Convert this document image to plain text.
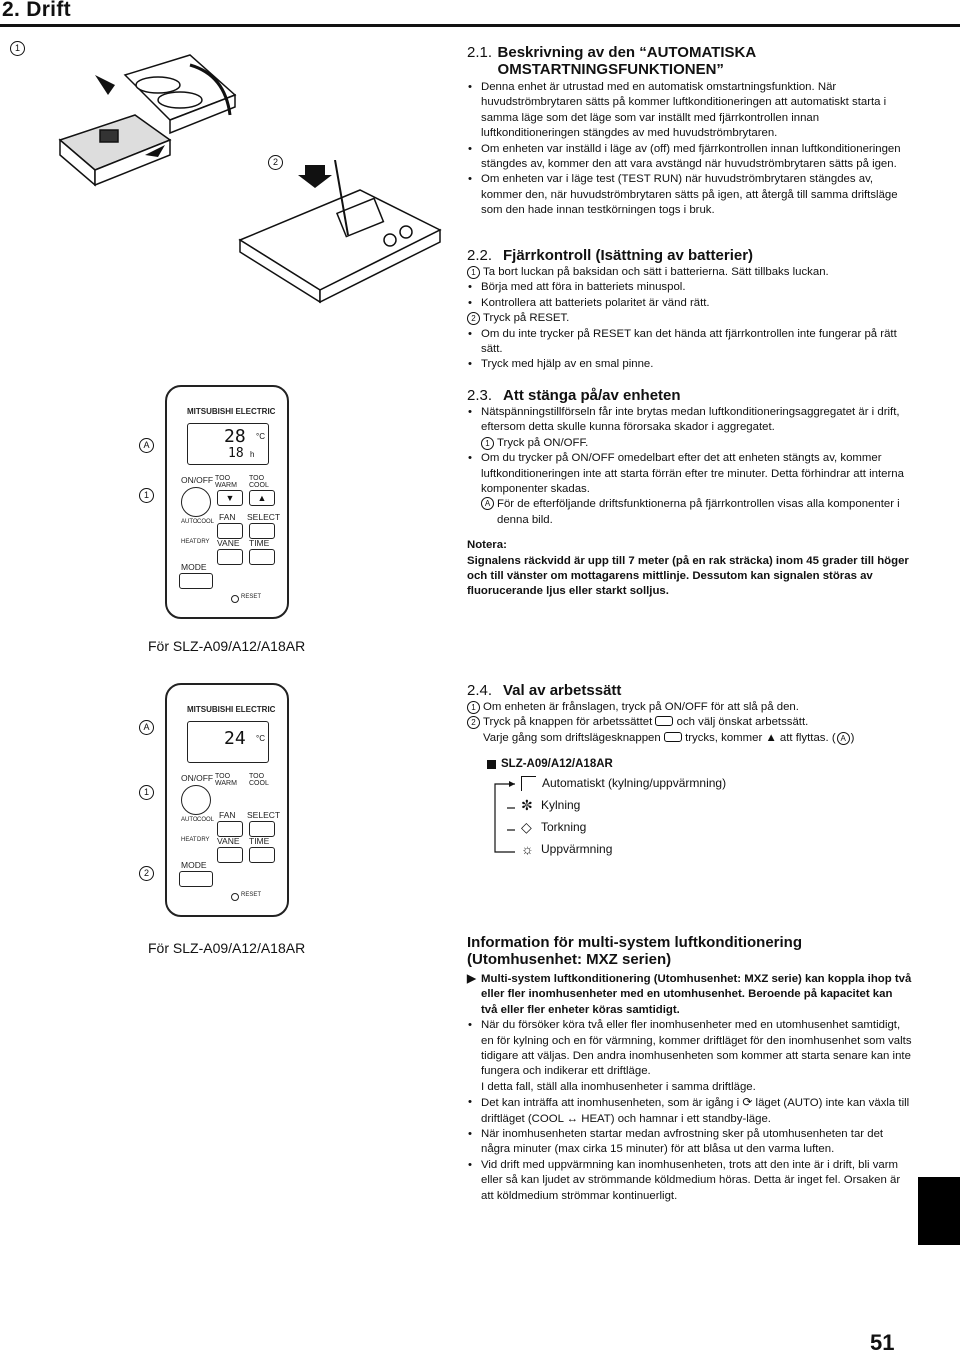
2. Drift
1
2
A
1
MITSUBISHI ELECTRIC
28 °C
18 h
ON/OFF TOO WARM
TOO COOL
▼	▲
FAN SELECT
AUTO COOL
HEAT DRY VANE TIME
MODE
RESET
För SLZ-A09/A12/A18AR
A
1
2
MITSUBISHI ELECTRIC
24 °C
ON/OFF TOO WARM
TOO COOL
FAN SELECT
AUTO COOL
HEAT DRY VANE TIME
MODE
RESET
För SLZ-A09/A12/A18AR
2.1. Beskrivning av den “AUTOMATISKA OMSTARTNINGSFUNKTIONEN”
• Denna enhet är utrustad med en automatisk omstartningsfunktion. När huvudströmbrytaren sätts på kommer luftkonditioneringen att automatiskt starta i samma läge som det läge som var inställt med fjärrkontrollen innan luftkonditioneringen stängdes av med huvudströmbrytaren.
• Om enheten var inställd i läge av (off) med fjärrkontrollen innan luftkonditioneringen stängdes av, kommer den att vara avstängd när huvudströmbrytaren sätts på igen.
• Om enheten var i läge test (TEST RUN) när huvudströmbrytaren stängdes av, kommer den, när huvudströmbrytaren sätts på igen, att återgå till samma driftsläge som den hade innan testkörningen togs i bruk.
2.2. Fjärrkontroll (Isättning av batterier)
1 Ta bort luckan på baksidan och sätt i batterierna. Sätt tillbaks luckan.
• Börja med att föra in batteriets minuspol.
• Kontrollera att batteriets polaritet är vänd rätt.
2 Tryck på RESET.
• Om du inte trycker på RESET kan det hända att fjärrkontrollen inte fungerar på rätt sätt.
• Tryck med hjälp av en smal pinne.
2.3. Att stänga på/av enheten
• Nätspänningstillförseln får inte brytas medan luftkonditioneringsaggregatet är i drift, eftersom detta skulle kunna förorsaka skador i aggregatet.
1 Tryck på ON/OFF.
• Om du trycker på ON/OFF omedelbart efter det att enheten stängts av, kommer luftkonditioneringen inte att starta förrän efter tre minuter. Detta förhindrar att interna komponenter skadas.
A För de efterföljande driftsfunktionerna på fjärrkontrollen visas alla komponenter i denna bild.
Notera:
Signalens räckvidd är upp till 7 meter (på en rak sträcka) inom 45 grader till höger och till vänster om mottagarens mittlinje. Dessutom kan signalen störas av fluorucerande ljus eller starkt solljus.
2.4. Val av arbetssätt
1 Om enheten är frånslagen, tryck på ON/OFF för att slå på den.
2 Tryck på knappen för arbetssättet och välj önskat arbetssätt.
Varje gång som driftslägesknappen trycks, kommer ▲ att flyttas. ( A )
SLZ-A09/A12/A18AR
Automatiskt (kylning/uppvärmning)
✼ Kylning
◇ Torkning
☼ Uppvärmning
Information för multi-system luftkonditionering (Utomhusenhet: MXZ serien)
▶ Multi-system luftkonditionering (Utomhusenhet: MXZ serie) kan koppla ihop två eller fler inomhusenheter med en utomhusenhet. Beroende på kapacitet kan två eller fler enheter köras samtidigt.
• När du försöker köra två eller fler inomhusenheter med en utomhusenhet samtidigt, en för kylning och en för värmning, kommer driftläget för den inomhusenhet som valts tidigare att väljas. Den andra inomhusenheten som kommer att starta senare kan inte fungera och indikerar ett driftläge.
I detta fall, ställ alla inomhusenheter i samma driftläge.
• Det kan inträffa att inomhusenheten, som är igång i ⟳ läget (AUTO) inte kan växla till driftläget (COOL ↔ HEAT) och hamnar i ett standby-läge.
• När inomhusenheten startar medan avfrostning sker på utomhusenheten tar det några minuter (max cirka 15 minuter) för att blåsa ut den varma luften.
• Vid drift med uppvärmning kan inomhusenheten, trots att den inte är i drift, bli varm eller så kan ljudet av strömmande köldmedium höras. Detta är inget fel. Orsaken är att köldmedium strömmar kontinuerligt.
51
